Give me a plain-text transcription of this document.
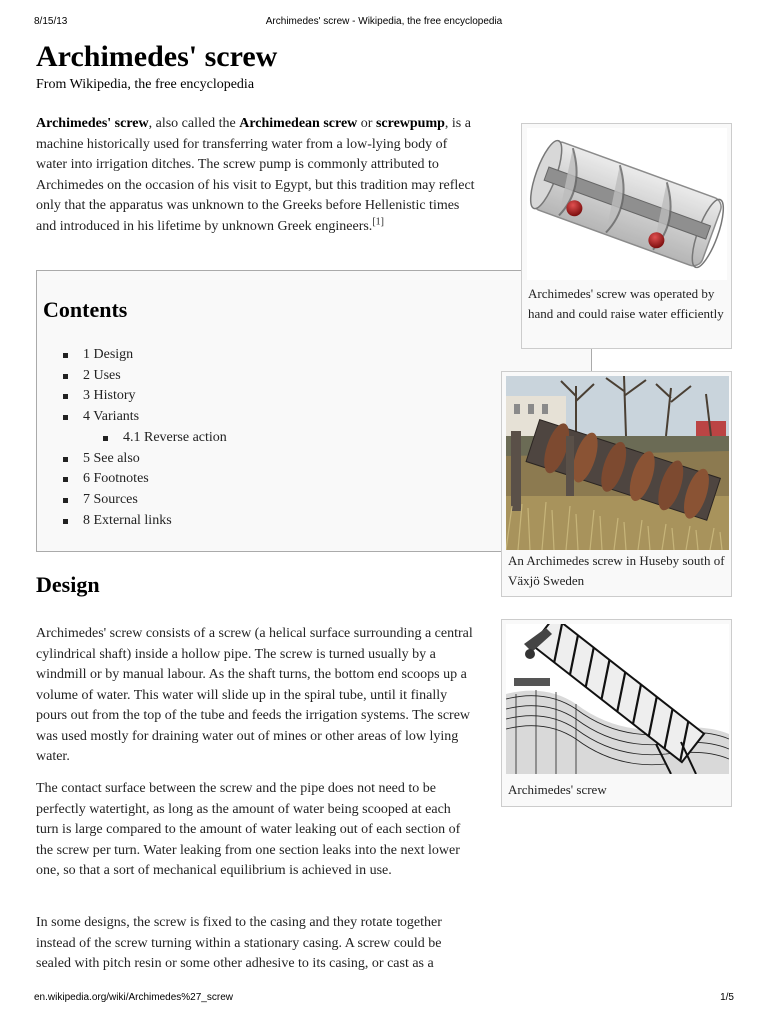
8/15/13	Archimedes' screw - Wikipedia, the free encyclopedia
Archimedes' screw
From Wikipedia, the free encyclopedia

Archimedes' screw, also called the Archimedean screw or screwpump, is a machine historically used for transferring water from a low-lying body of water into irrigation ditches. The screw pump is commonly attributed to Archimedes on the occasion of his visit to Egypt, but this tradition may reflect only that the apparatus was unknown to the Greeks before Hellenistic times and introduced in his lifetime by unknown Greek engineers.[1]

Contents
1 Design
2 Uses
3 History
4 Variants
4.1 Reverse action
5 See also
6 Footnotes
7 Sources
8 External links
Archimedes' screw was operated by hand and could raise water efficiently
An Archimedes screw in Huseby south of Växjö Sweden
Archimedes' screw
Design

Archimedes' screw consists of a screw (a helical surface surrounding a central cylindrical shaft) inside a hollow pipe. The screw is turned usually by a windmill or by manual labour. As the shaft turns, the bottom end scoops up a volume of water. This water will slide up in the spiral tube, until it finally pours out from the top of the tube and feeds the irrigation systems. The screw was used mostly for draining water out of mines or other areas of low lying water.

The contact surface between the screw and the pipe does not need to be perfectly watertight, as long as the amount of water being scooped at each turn is large compared to the amount of water leaking out of each section of the screw per turn. Water leaking from one section leaks into the next lower one, so that a sort of mechanical equilibrium is achieved in use.

In some designs, the screw is fixed to the casing and they rotate together instead of the screw turning within a stationary casing. A screw could be sealed with pitch resin or some other adhesive to its casing, or cast as a

en.wikipedia.org/wiki/Archimedes%27_screw	1/5
